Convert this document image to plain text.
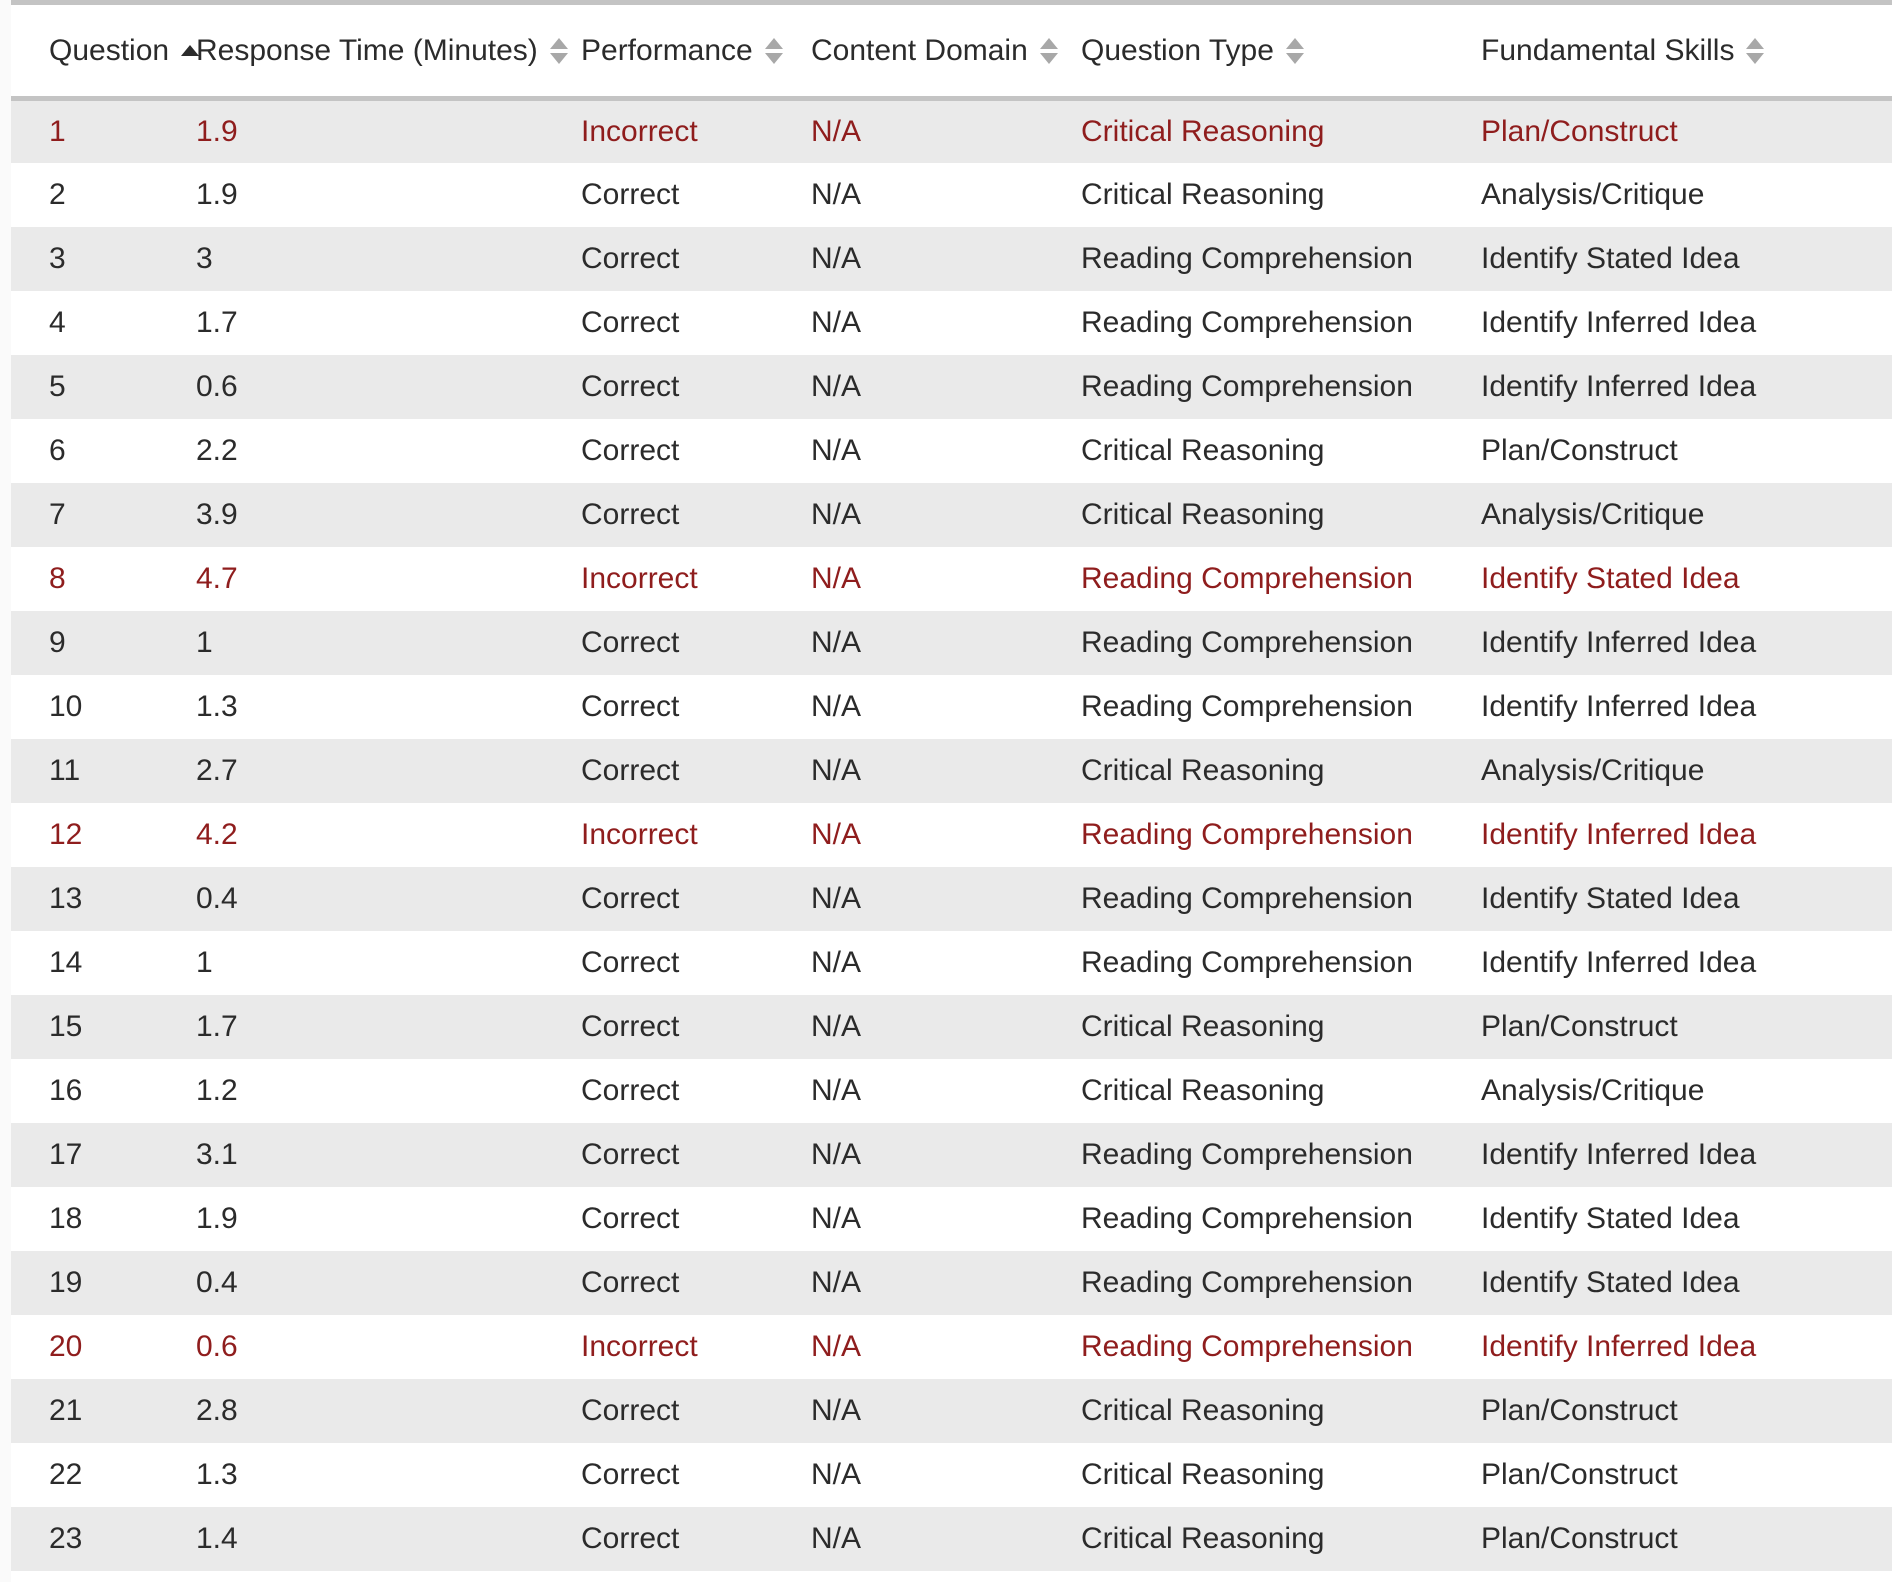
Question	Response Time (Minutes)	Performance	Content Domain	Question Type	Fundamental Skills

1	1.9	Incorrect	N/A	Critical Reasoning	Plan/Construct
2	1.9	Correct	N/A	Critical Reasoning	Analysis/Critique
3	3	Correct	N/A	Reading Comprehension	Identify Stated Idea
4	1.7	Correct	N/A	Reading Comprehension	Identify Inferred Idea
5	0.6	Correct	N/A	Reading Comprehension	Identify Inferred Idea
6	2.2	Correct	N/A	Critical Reasoning	Plan/Construct
7	3.9	Correct	N/A	Critical Reasoning	Analysis/Critique
8	4.7	Incorrect	N/A	Reading Comprehension	Identify Stated Idea
9	1	Correct	N/A	Reading Comprehension	Identify Inferred Idea
10	1.3	Correct	N/A	Reading Comprehension	Identify Inferred Idea
11	2.7	Correct	N/A	Critical Reasoning	Analysis/Critique
12	4.2	Incorrect	N/A	Reading Comprehension	Identify Inferred Idea
13	0.4	Correct	N/A	Reading Comprehension	Identify Stated Idea
14	1	Correct	N/A	Reading Comprehension	Identify Inferred Idea
15	1.7	Correct	N/A	Critical Reasoning	Plan/Construct
16	1.2	Correct	N/A	Critical Reasoning	Analysis/Critique
17	3.1	Correct	N/A	Reading Comprehension	Identify Inferred Idea
18	1.9	Correct	N/A	Reading Comprehension	Identify Stated Idea
19	0.4	Correct	N/A	Reading Comprehension	Identify Stated Idea
20	0.6	Incorrect	N/A	Reading Comprehension	Identify Inferred Idea
21	2.8	Correct	N/A	Critical Reasoning	Plan/Construct
22	1.3	Correct	N/A	Critical Reasoning	Plan/Construct
23	1.4	Correct	N/A	Critical Reasoning	Plan/Construct
